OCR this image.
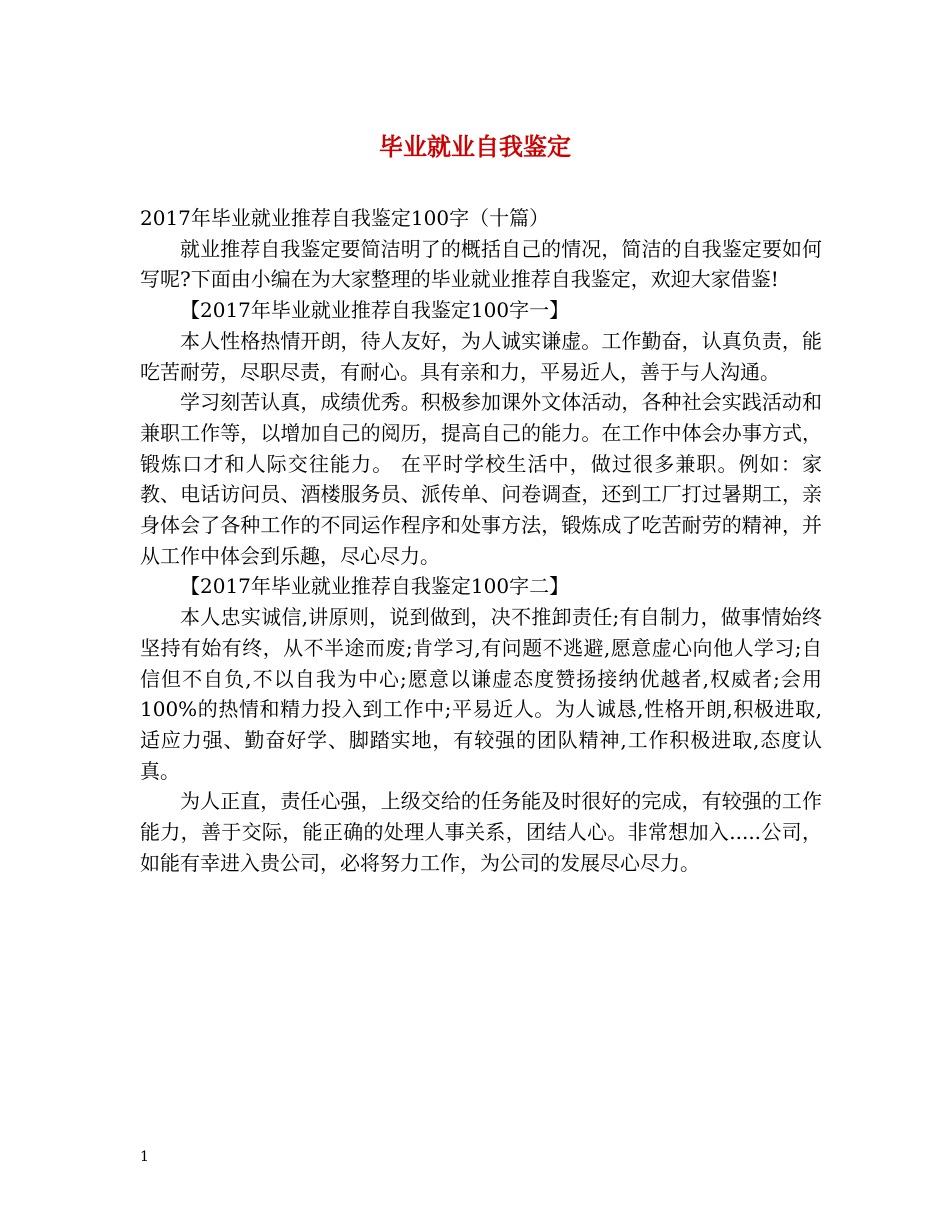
毕业就业自我鉴定

2017年毕业就业推荐自我鉴定100字（十篇）

就业推荐自我鉴定要简洁明了的概括自己的情况，简洁的自我鉴定要如何写呢?下面由小编在为大家整理的毕业就业推荐自我鉴定，欢迎大家借鉴!

【2017年毕业就业推荐自我鉴定100字一】

本人性格热情开朗，待人友好，为人诚实谦虚。工作勤奋，认真负责，能吃苦耐劳，尽职尽责，有耐心。具有亲和力，平易近人，善于与人沟通。

学习刻苦认真，成绩优秀。积极参加课外文体活动，各种社会实践活动和兼职工作等，以增加自己的阅历，提高自己的能力。在工作中体会办事方式，锻炼口才和人际交往能力。 在平时学校生活中，做过很多兼职。例如：家教、电话访问员、酒楼服务员、派传单、问卷调查，还到工厂打过暑期工，亲身体会了各种工作的不同运作程序和处事方法，锻炼成了吃苦耐劳的精神，并从工作中体会到乐趣，尽心尽力。

【2017年毕业就业推荐自我鉴定100字二】

本人忠实诚信,讲原则，说到做到，决不推卸责任;有自制力，做事情始终坚持有始有终，从不半途而废;肯学习,有问题不逃避,愿意虚心向他人学习;自信但不自负,不以自我为中心;愿意以谦虚态度赞扬接纳优越者,权威者;会用100%的热情和精力投入到工作中;平易近人。为人诚恳,性格开朗,积极进取,适应力强、勤奋好学、脚踏实地，有较强的团队精神,工作积极进取,态度认真。

为人正直，责任心强，上级交给的任务能及时很好的完成，有较强的工作能力，善于交际，能正确的处理人事关系，团结人心。非常想加入.....公司，如能有幸进入贵公司，必将努力工作，为公司的发展尽心尽力。

1
